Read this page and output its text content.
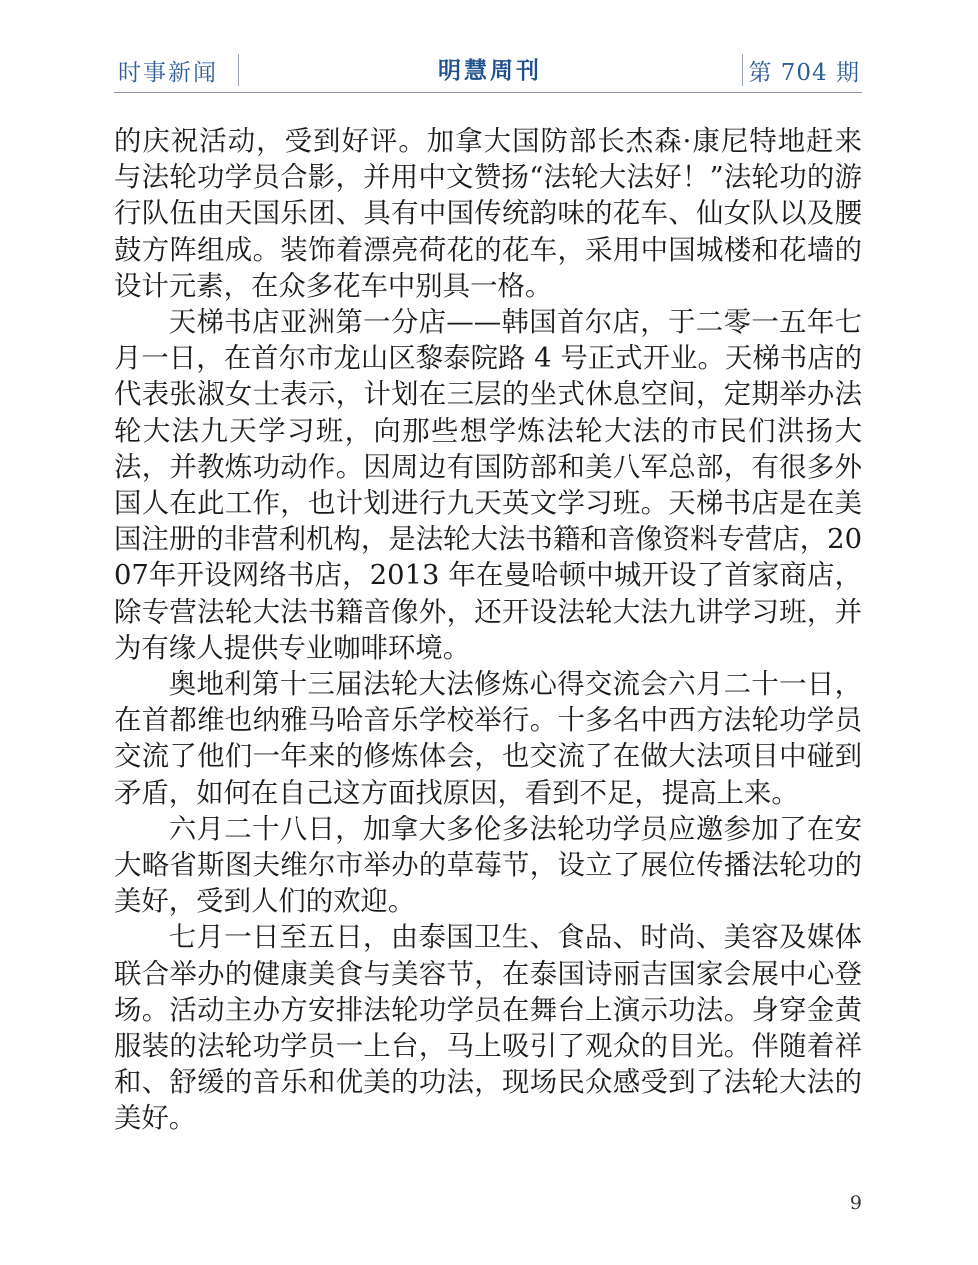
时事新闻	明慧周刊	第 704 期

的庆祝活动，受到好评。加拿大国防部长杰森·康尼特地赶来与法轮功学员合影，并用中文赞扬“法轮大法好！”法轮功的游行队伍由天国乐团、具有中国传统韵味的花车、仙女队以及腰鼓方阵组成。装饰着漂亮荷花的花车，采用中国城楼和花墙的设计元素，在众多花车中别具一格。

天梯书店亚洲第一分店——韩国首尔店，于二零一五年七月一日，在首尔市龙山区黎泰院路 4 号正式开业。天梯书店的代表张淑女士表示，计划在三层的坐式休息空间，定期举办法轮大法九天学习班，向那些想学炼法轮大法的市民们洪扬大法，并教炼功动作。因周边有国防部和美八军总部，有很多外国人在此工作，也计划进行九天英文学习班。天梯书店是在美国注册的非营利机构，是法轮大法书籍和音像资料专营店，2007年开设网络书店，2013 年在曼哈顿中城开设了首家商店，除专营法轮大法书籍音像外，还开设法轮大法九讲学习班，并为有缘人提供专业咖啡环境。

奥地利第十三届法轮大法修炼心得交流会六月二十一日，在首都维也纳雅马哈音乐学校举行。十多名中西方法轮功学员交流了他们一年来的修炼体会，也交流了在做大法项目中碰到矛盾，如何在自己这方面找原因，看到不足，提高上来。

六月二十八日，加拿大多伦多法轮功学员应邀参加了在安大略省斯图夫维尔市举办的草莓节，设立了展位传播法轮功的美好，受到人们的欢迎。

七月一日至五日，由泰国卫生、食品、时尚、美容及媒体联合举办的健康美食与美容节，在泰国诗丽吉国家会展中心登场。活动主办方安排法轮功学员在舞台上演示功法。身穿金黄服装的法轮功学员一上台，马上吸引了观众的目光。伴随着祥和、舒缓的音乐和优美的功法，现场民众感受到了法轮大法的美好。

9
